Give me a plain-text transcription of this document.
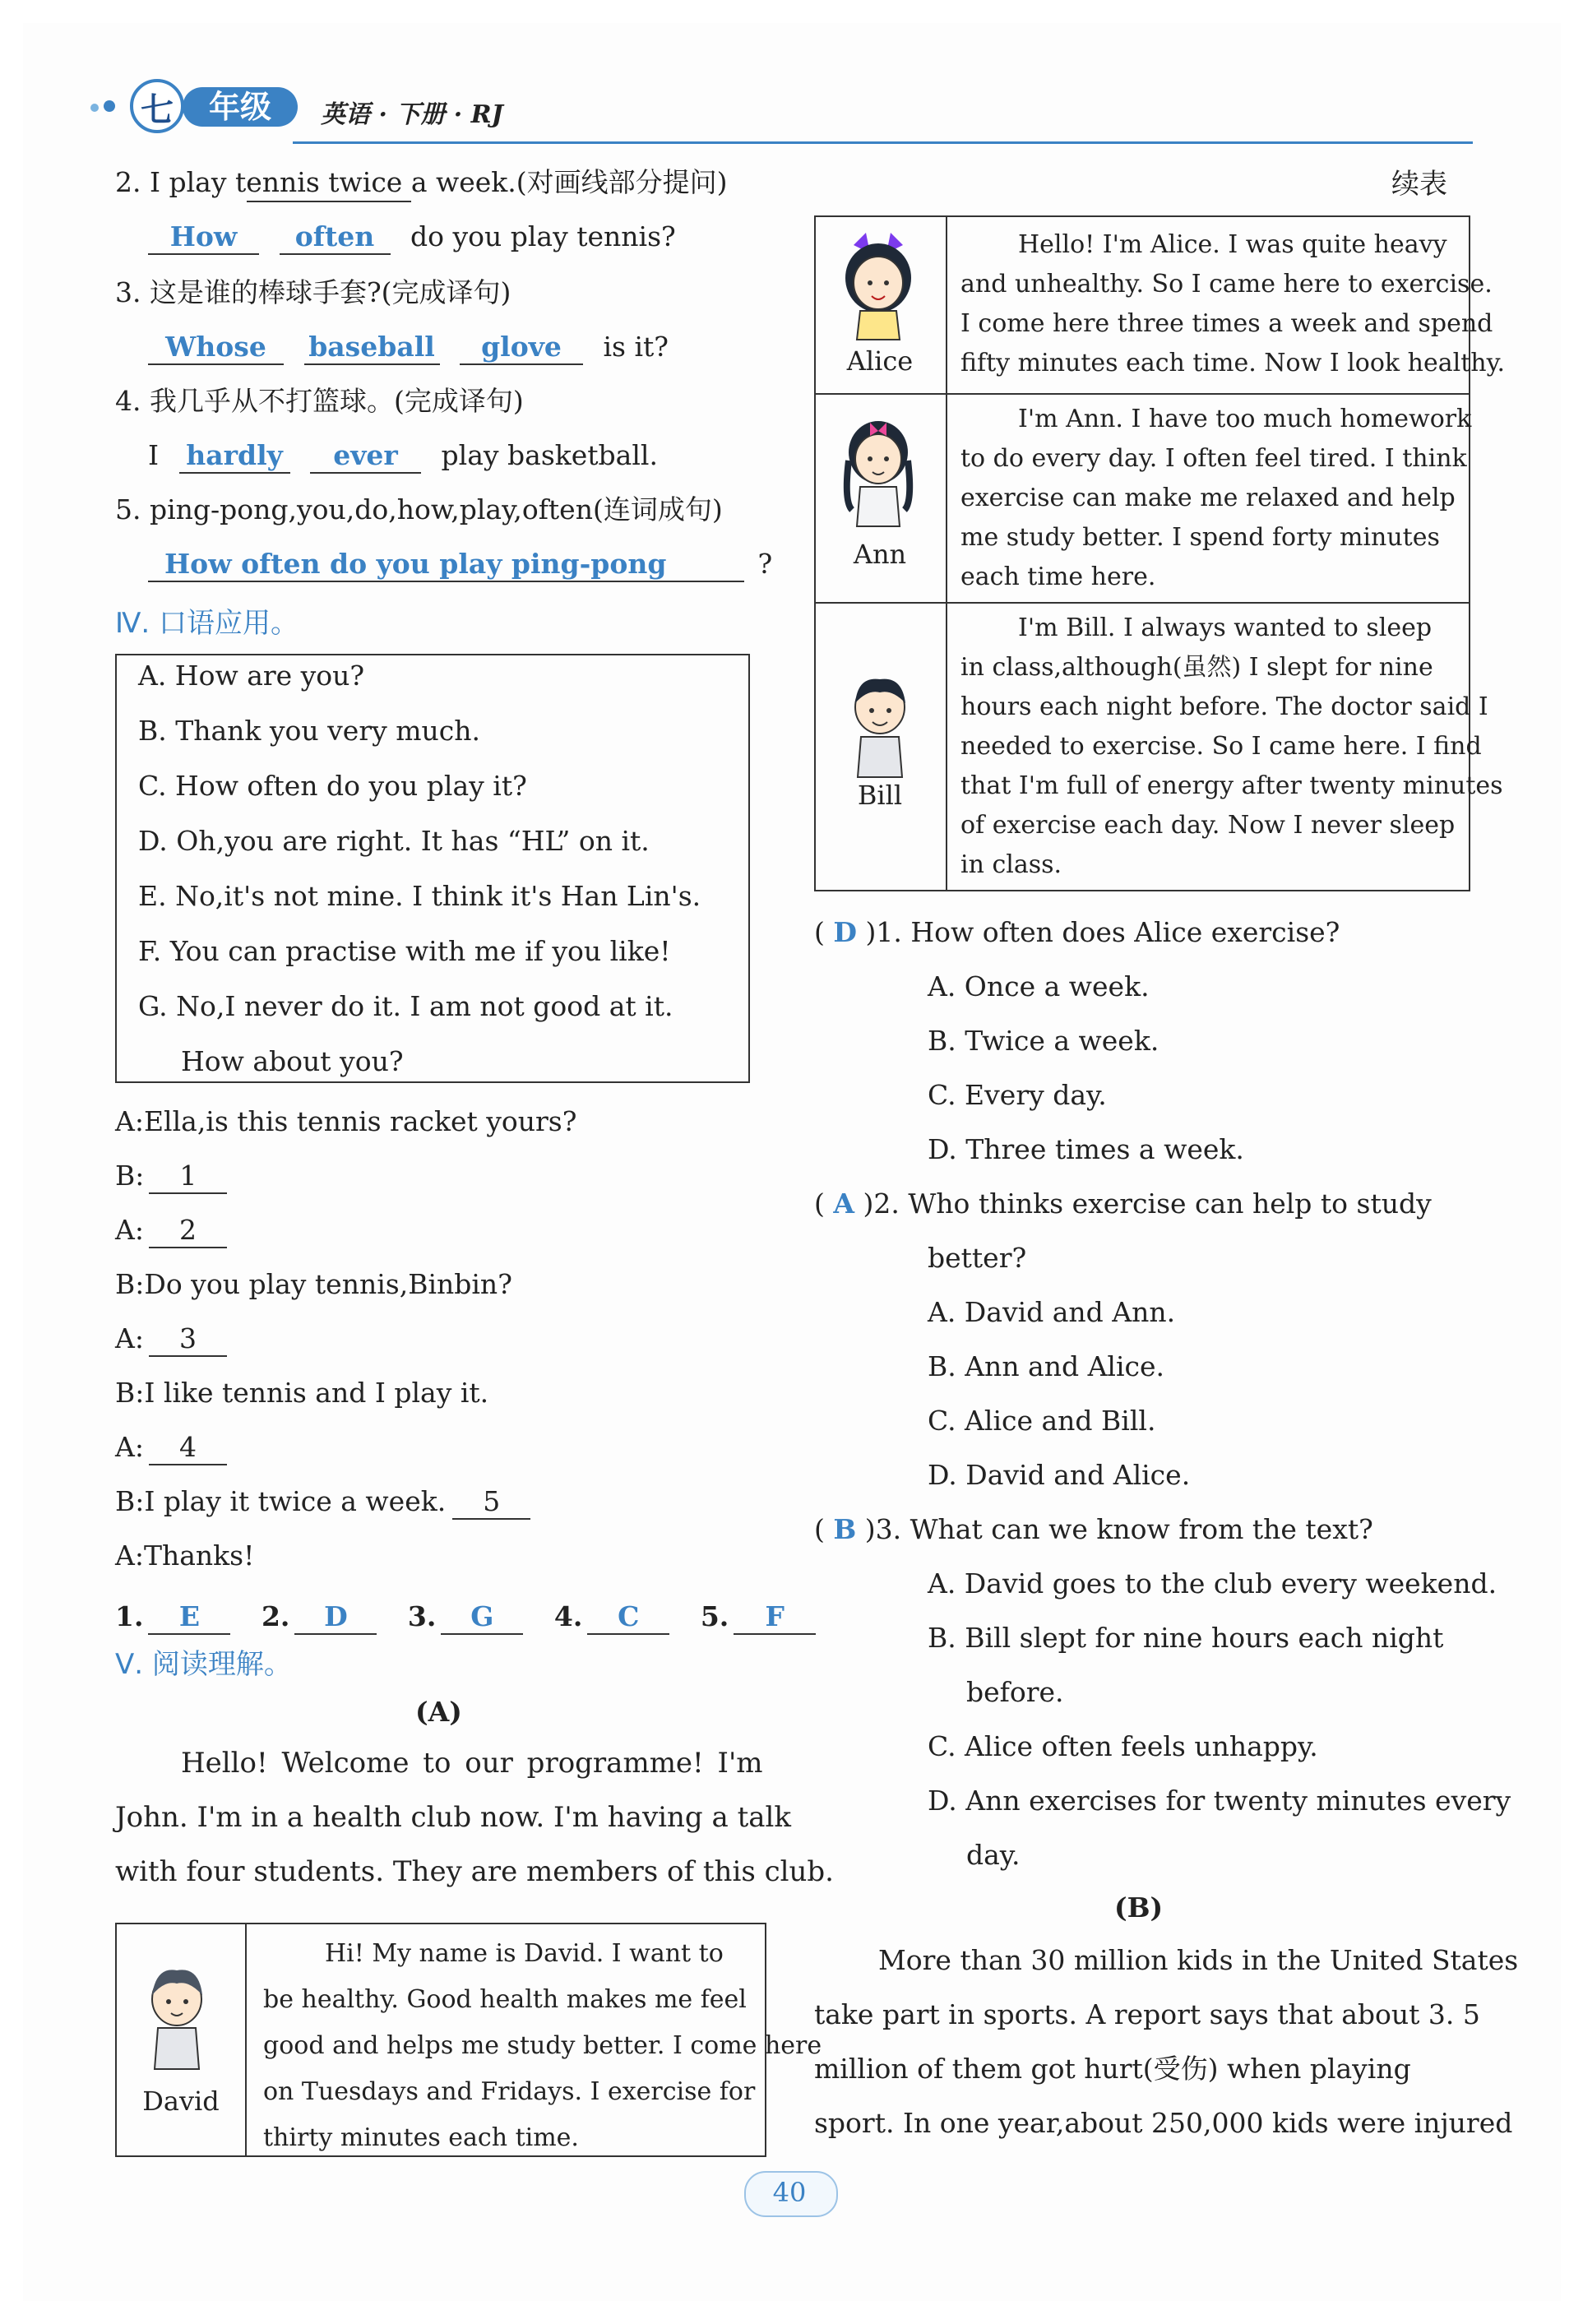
七	年级	英语 · 下册 · RJ
续表
2. I play tennis twice a week.(对画线部分提问)
How often do you play tennis?
3. 这是谁的棒球手套?(完成译句)
Whose baseball glove is it?
4. 我几乎从不打篮球。(完成译句)
I hardly ever play basketball.
5. ping-pong,you,do,how,play,often(连词成句)
How often do you play ping-pong	?
Ⅳ. 口语应用。
A. How are you?
B. Thank you very much.
C. How often do you play it?
D. Oh,you are right. It has “HL” on it.
E. No,it's not mine. I think it's Han Lin's.
F. You can practise with me if you like!
G. No,I never do it. I am not good at it.
How about you?
A:Ella,is this tennis racket yours?
B: 1
A: 2
B:Do you play tennis,Binbin?
A: 3
B:I like tennis and I play it.
A: 4
B:I play it twice a week. 5
A:Thanks!
1. E 2. D 3. G 4. C 5. F
Ⅴ. 阅读理解。
(A)
Hello! Welcome to our programme! I'm
John. I'm in a health club now. I'm having a talk
with four students. They are members of this club.
David
Hi! My name is David. I want to
be healthy. Good health makes me feel
good and helps me study better. I come here
on Tuesdays and Fridays. I exercise for
thirty minutes each time.
Alice
Hello! I'm Alice. I was quite heavy
and unhealthy. So I came here to exercise.
I come here three times a week and spend
fifty minutes each time. Now I look healthy.
Ann
I'm Ann. I have too much homework
to do every day. I often feel tired. I think
exercise can make me relaxed and help
me study better. I spend forty minutes
each time here.
Bill
I'm Bill. I always wanted to sleep
in class,although(虽然) I slept for nine
hours each night before. The doctor said I
needed to exercise. So I came here. I find
that I'm full of energy after twenty minutes
of exercise each day. Now I never sleep
in class.
( D )1. How often does Alice exercise?
A. Once a week.
B. Twice a week.
C. Every day.
D. Three times a week.
( A )2. Who thinks exercise can help to study
better?
A. David and Ann.
B. Ann and Alice.
C. Alice and Bill.
D. David and Alice.
( B )3. What can we know from the text?
A. David goes to the club every weekend.
B. Bill slept for nine hours each night
before.
C. Alice often feels unhappy.
D. Ann exercises for twenty minutes every
day.
(B)
More than 30 million kids in the United States
take part in sports. A report says that about 3. 5
million of them got hurt(受伤) when playing
sport. In one year,about 250,000 kids were injured
40
